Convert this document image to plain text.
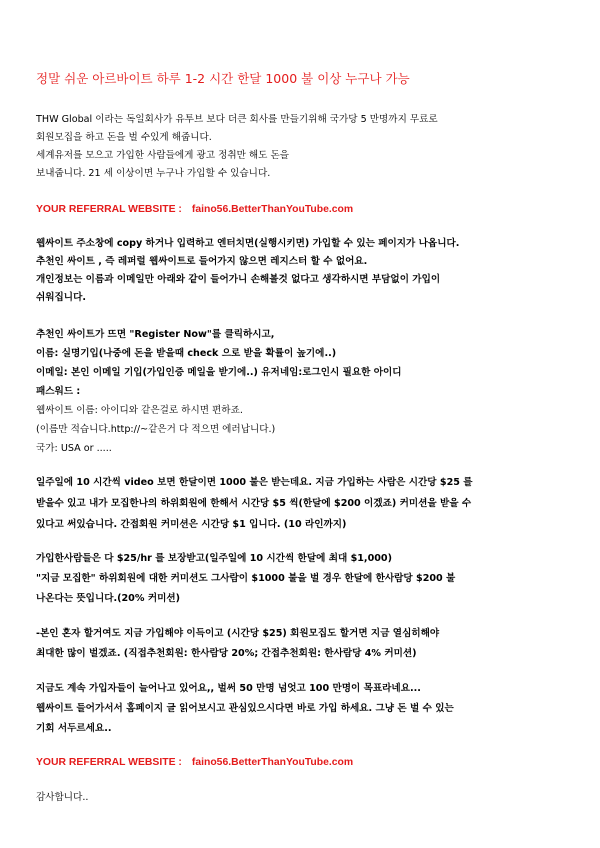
정말 쉬운 아르바이트 하루 1-2 시간 한달 1000 불 이상 누구나 가능
THW Global 이라는 독일회사가 유투브 보다 더큰 회사를 만들기위해 국가당 5 만명까지 무료로
회원모집을 하고 돈을 벌 수있게 해줍니다.
세계유저를 모으고 가입한 사람들에게 광고 정취만 해도 돈을
보내줍니다. 21 세 이상이면 누구나 가입할 수 있습니다.
YOUR REFERRAL WEBSITE : faino56.BetterThanYouTube.com
웹싸이트 주소창에 copy 하거나 입력하고 엔터치면(실행시키면) 가입할 수 있는 페이지가 나옵니다.
추천인 싸이트 , 즉 레퍼럴 웹싸이트로 들어가지 않으면 레지스터 할 수 없어요.
개인정보는 이름과 이메일만 아래와 같이 들어가니 손해볼것 없다고 생각하시면 부담없이 가입이
쉬워집니다.
추천인 싸이트가 뜨면 "Register Now"를 클릭하시고,
이름: 실명기입(나중에 돈을 받을때 check 으로 받을 확률이 높기에..)
이메일: 본인 이메일 기입(가입인증 메일을 받기에..) 유저네임:로그인시 필요한 아이디
패스워드 :
웹싸이트 이름: 아이디와 같은걸로 하시면 편하죠.
(이름만 적습니다.http://~같은거 다 적으면 에러납니다.)
국가: USA or .....
일주일에 10 시간씩 video 보면 한달이면 1000 불은 받는데요. 지금 가입하는 사람은 시간당 $25 를
받을수 있고 내가 모집한나의 하위회원에 한해서 시간당 $5 씩(한달에 $200 이겠죠) 커미션을 받을 수
있다고 써있습니다. 간접회원 커미션은 시간당 $1 입니다. (10 라인까지)
가입한사람들은 다 $25/hr 를 보장받고(일주일에 10 시간씩 한달에 최대 $1,000)
"지금 모집한" 하위회원에 대한 커미션도 그사람이 $1000 불을 벌 경우 한달에 한사람당 $200 불
나온다는 뜻입니다.(20% 커미션)
-본인 혼자 할거여도 지금 가입해야 이득이고 (시간당 $25) 회원모집도 할거면 지금 열심히해야
최대한 많이 벌겠죠. (직접추천회원: 한사람당 20%; 간접추천회원: 한사람당 4% 커미션)
지금도 계속 가입자들이 늘어나고 있어요,, 벌써 50 만명 넘엇고 100 만명이 목표라네요...
웹싸이트 들어가서서 홈페이지 글 읽어보시고 관심있으시다면 바로 가입 하세요. 그냥 돈 벌 수 있는
기회 서두르세요..
YOUR REFERRAL WEBSITE : faino56.BetterThanYouTube.com
감사합니다..
